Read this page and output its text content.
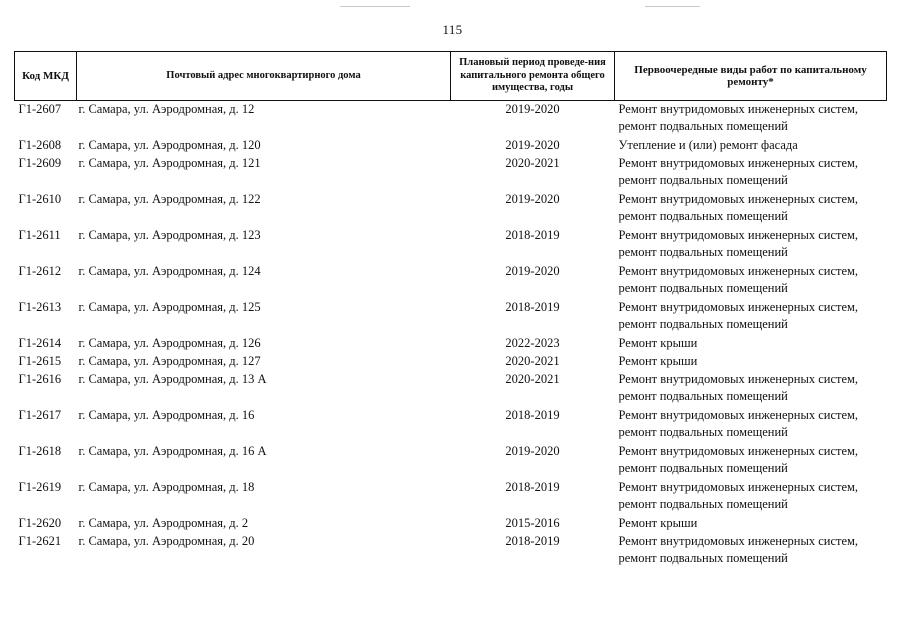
115
Код МКД	Почтовый адрес многоквартирного дома	Плановый период проведе-ния капитального ремонта общего имущества, годы	Первоочередные виды работ по капитальному ремонту*
Г1-2607	г. Самара, ул. Аэродромная, д. 12	2019-2020	Ремонт внутридомовых инженерных систем,
ремонт подвальных помещений

Г1-2608	г. Самара, ул. Аэродромная, д. 120	2019-2020	Утепление и (или) ремонт фасада

Г1-2609	г. Самара, ул. Аэродромная, д. 121	2020-2021	Ремонт внутридомовых инженерных систем,
ремонт подвальных помещений

Г1-2610	г. Самара, ул. Аэродромная, д. 122	2019-2020	Ремонт внутридомовых инженерных систем,
ремонт подвальных помещений

Г1-2611	г. Самара, ул. Аэродромная, д. 123	2018-2019	Ремонт внутридомовых инженерных систем,
ремонт подвальных помещений

Г1-2612	г. Самара, ул. Аэродромная, д. 124	2019-2020	Ремонт внутридомовых инженерных систем,
ремонт подвальных помещений

Г1-2613	г. Самара, ул. Аэродромная, д. 125	2018-2019	Ремонт внутридомовых инженерных систем,
ремонт подвальных помещений

Г1-2614	г. Самара, ул. Аэродромная, д. 126	2022-2023	Ремонт крыши

Г1-2615	г. Самара, ул. Аэродромная, д. 127	2020-2021	Ремонт крыши

Г1-2616	г. Самара, ул. Аэродромная, д. 13 А	2020-2021	Ремонт внутридомовых инженерных систем,
ремонт подвальных помещений

Г1-2617	г. Самара, ул. Аэродромная, д. 16	2018-2019	Ремонт внутридомовых инженерных систем,
ремонт подвальных помещений

Г1-2618	г. Самара, ул. Аэродромная, д. 16 А	2019-2020	Ремонт внутридомовых инженерных систем,
ремонт подвальных помещений

Г1-2619	г. Самара, ул. Аэродромная, д. 18	2018-2019	Ремонт внутридомовых инженерных систем,
ремонт подвальных помещений

Г1-2620	г. Самара, ул. Аэродромная, д. 2	2015-2016	Ремонт крыши

Г1-2621	г. Самара, ул. Аэродромная, д. 20	2018-2019	Ремонт внутридомовых инженерных систем,
ремонт подвальных помещений
